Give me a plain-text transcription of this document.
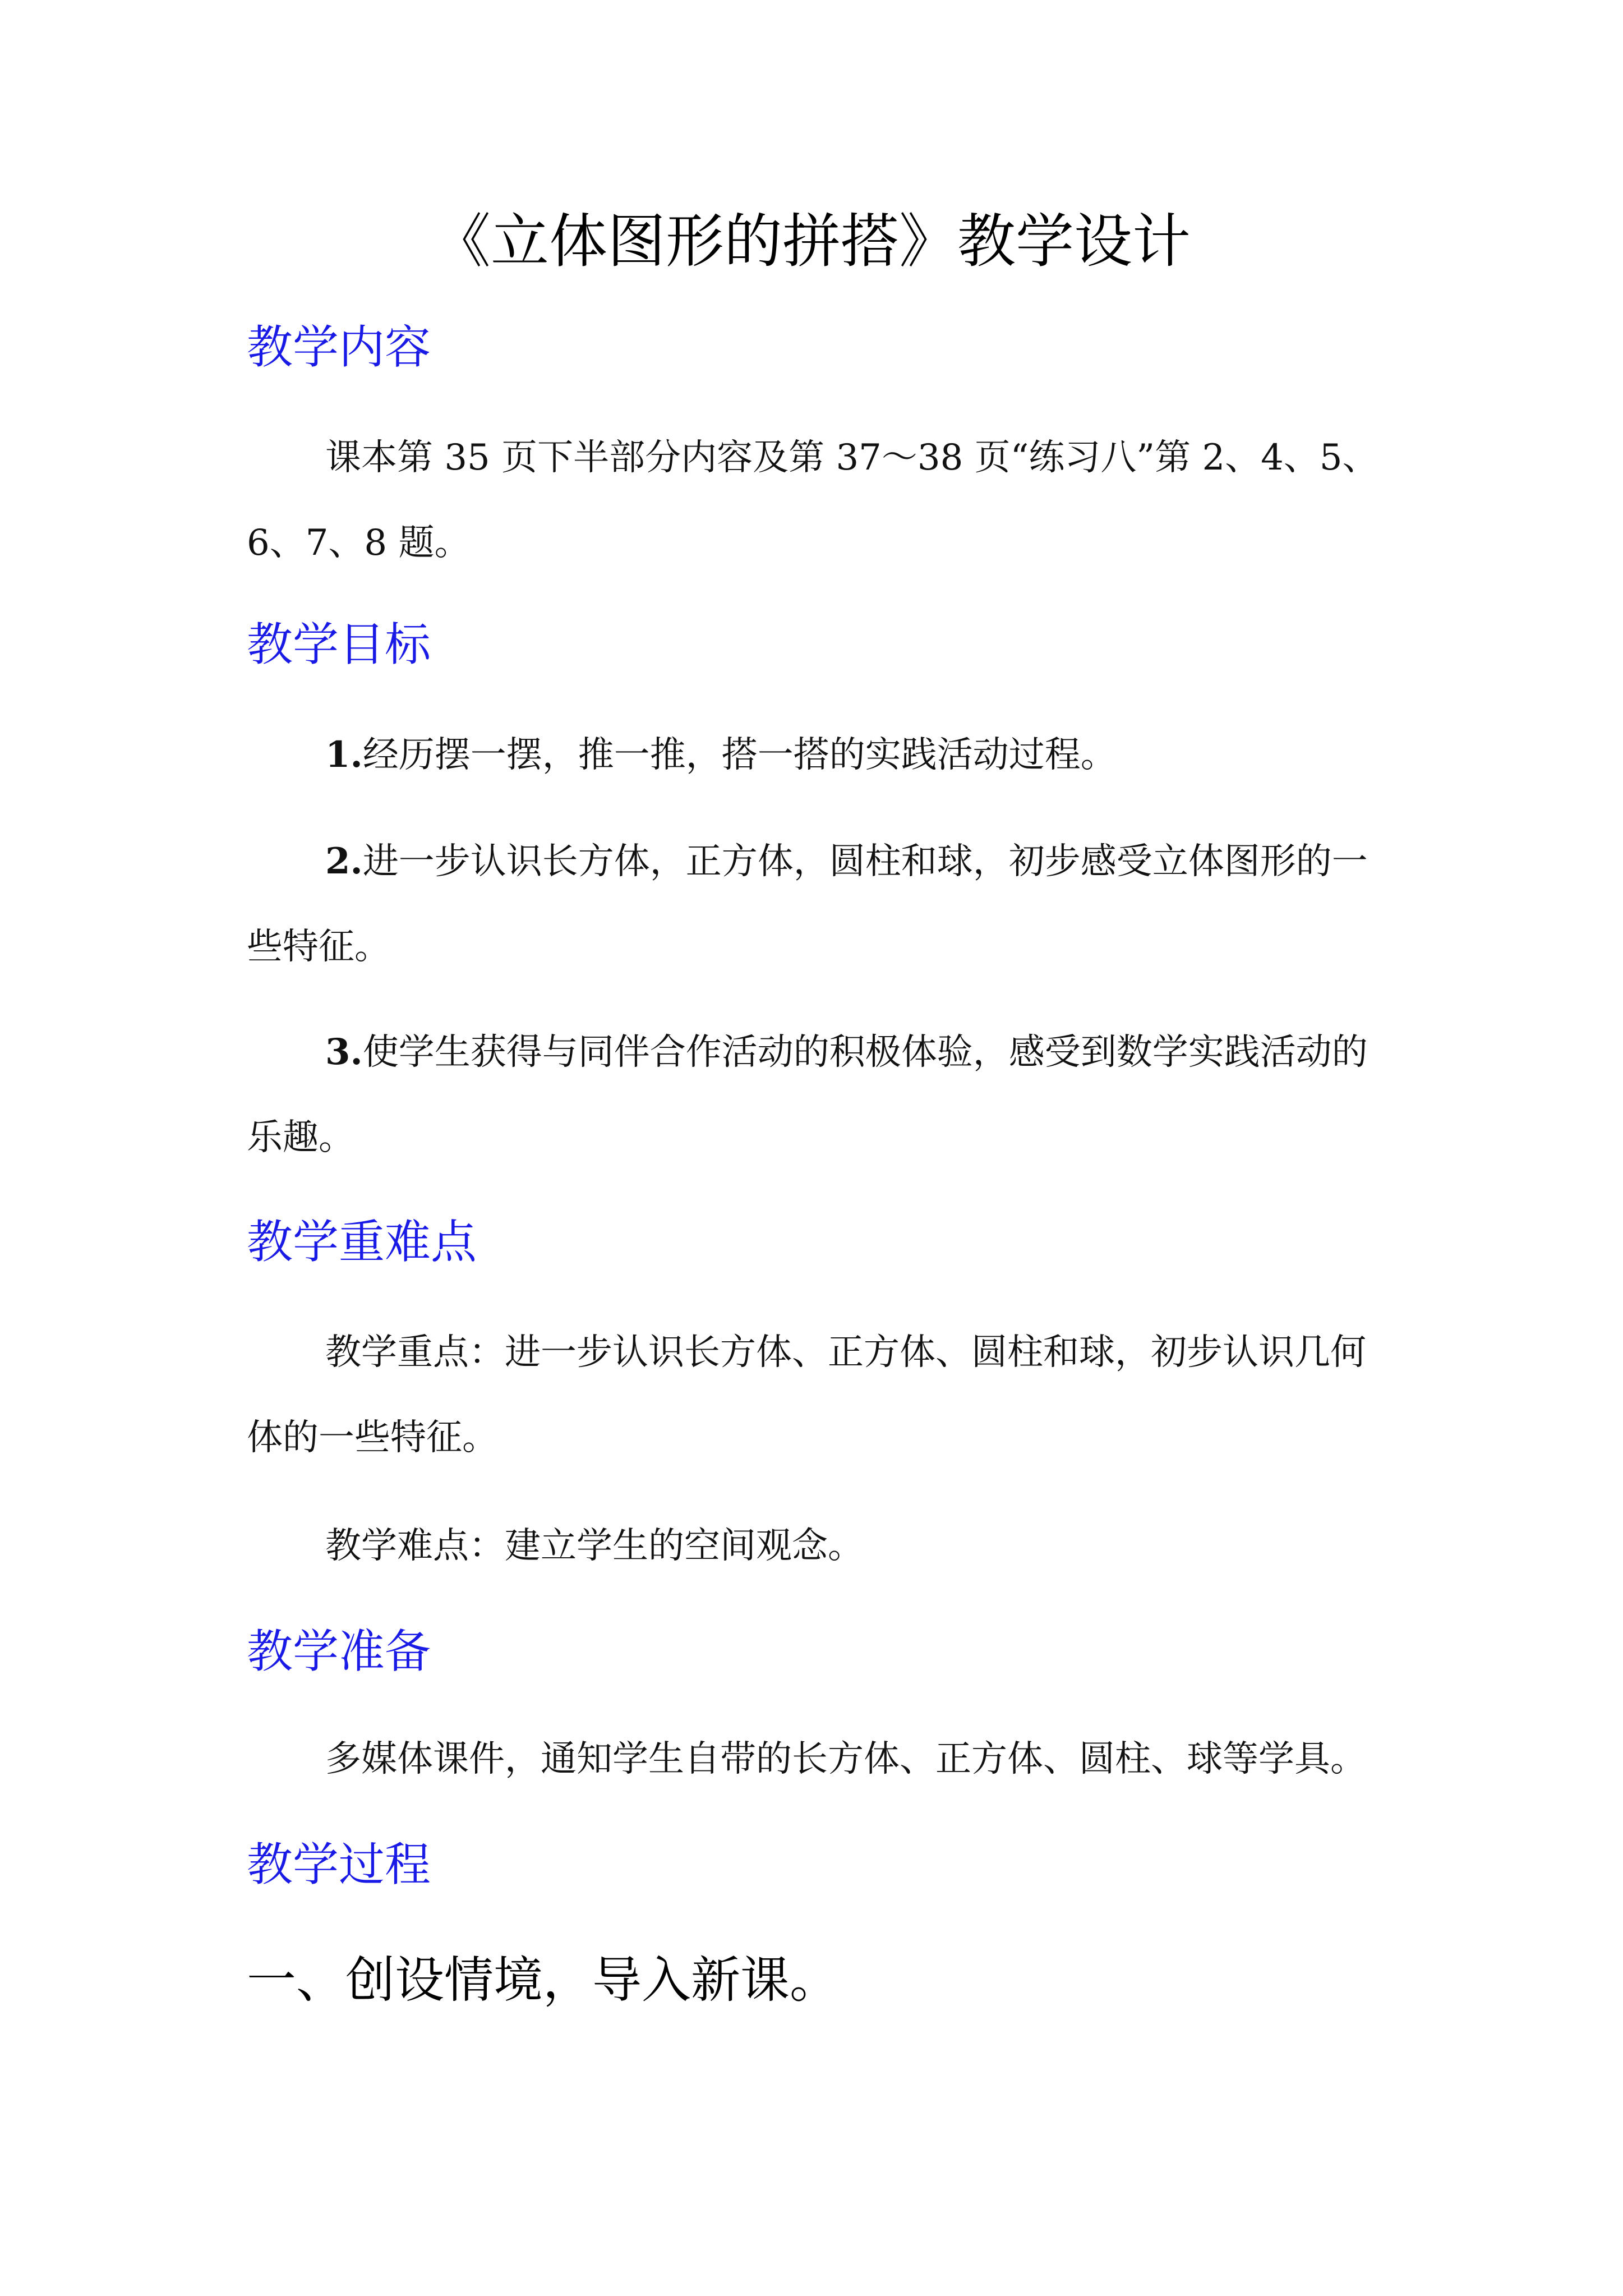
《立体图形的拼搭》教学设计
教学内容
课本第 35 页下半部分内容及第 37～38 页“练习八”第 2、4、5、6、7、8 题。
教学目标
1.经历摆一摆，推一推，搭一搭的实践活动过程。
2.进一步认识长方体，正方体，圆柱和球，初步感受立体图形的一些特征。
3.使学生获得与同伴合作活动的积极体验，感受到数学实践活动的乐趣。
教学重难点
教学重点：进一步认识长方体、正方体、圆柱和球，初步认识几何体的一些特征。
教学难点：建立学生的空间观念。
教学准备
多媒体课件，通知学生自带的长方体、正方体、圆柱、球等学具。
教学过程
一、创设情境，导入新课。
